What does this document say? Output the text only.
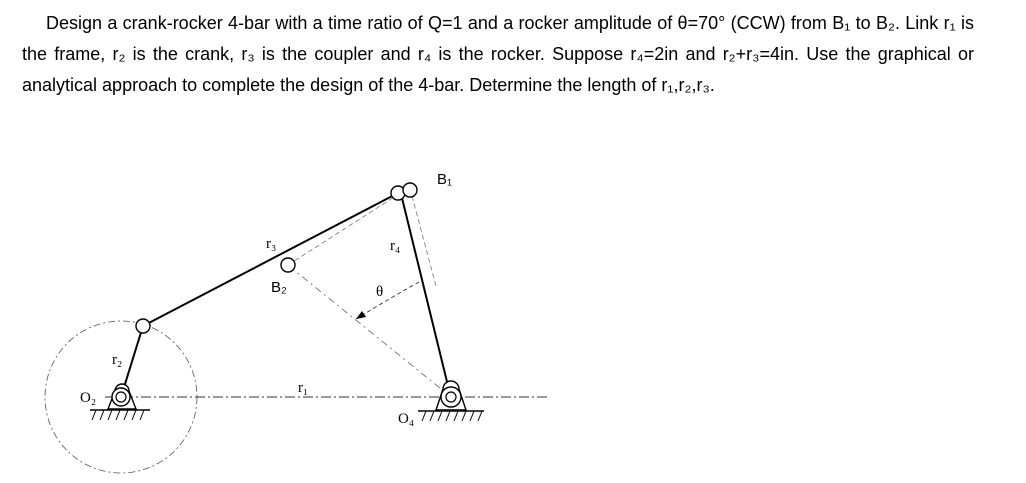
Design a crank-rocker 4-bar with a time ratio of Q=1 and a rocker amplitude of θ=70° (CCW) from B₁ to B₂. Link r₁ is the frame, r₂ is the crank, r₃ is the coupler and r₄ is the rocker. Suppose r₄=2in and r₂+r₃=4in. Use the graphical or analytical approach to complete the design of the 4-bar. Determine the length of r₁,r₂,r₃.

B₁
B₂
O₂
O₄
r₁
r₂
r₃	r₄
θ
